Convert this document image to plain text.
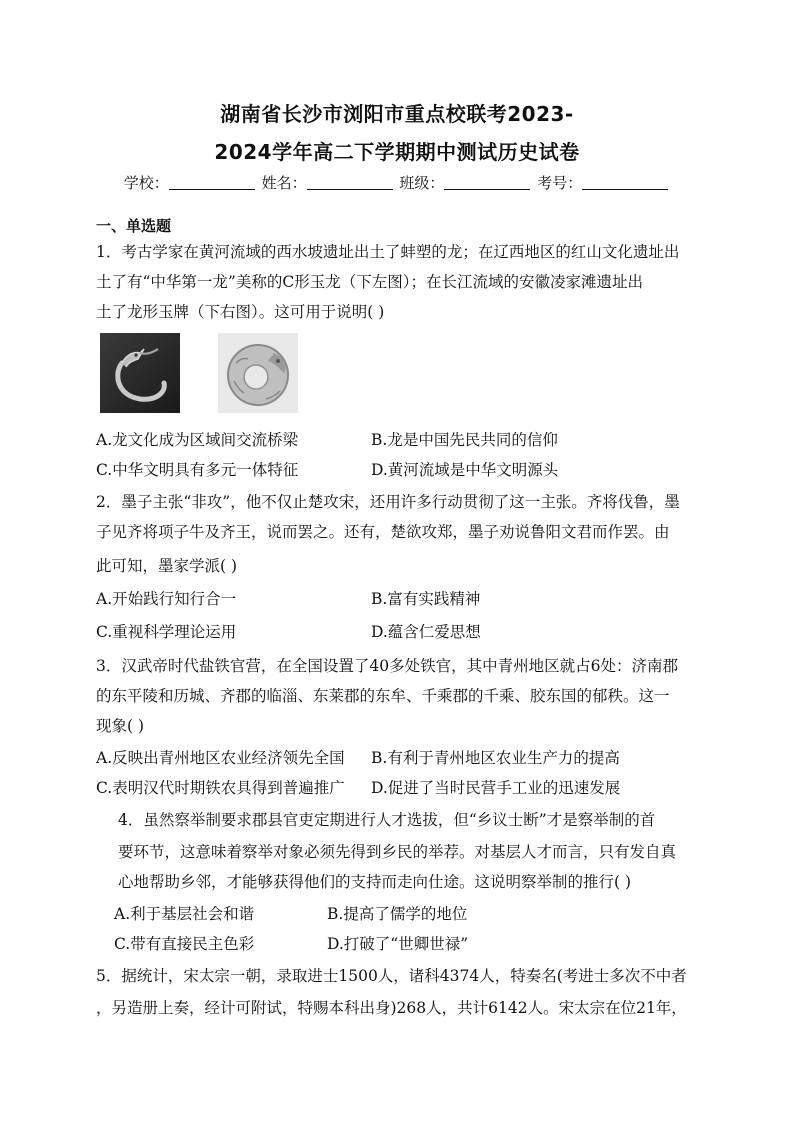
湖南省长沙市浏阳市重点校联考2023-
2024学年高二下学期期中测试历史试卷
学校：	姓名：	班级：	考号：
一、单选题
1．考古学家在黄河流域的西水坡遗址出土了蚌塑的龙；在辽西地区的红山文化遗址出
土了有“中华第一龙”美称的C形玉龙（下左图）；在长江流域的安徽凌家滩遗址出
土了龙形玉牌（下右图）。这可用于说明( )
A.龙文化成为区域间交流桥梁	B.龙是中国先民共同的信仰
C.中华文明具有多元一体特征	D.黄河流域是中华文明源头
2．墨子主张“非攻”，他不仅止楚攻宋，还用许多行动贯彻了这一主张。齐将伐鲁，墨
子见齐将项子牛及齐王，说而罢之。还有，楚欲攻郑，墨子劝说鲁阳文君而作罢。由
此可知，墨家学派( )
A.开始践行知行合一	B.富有实践精神
C.重视科学理论运用	D.蕴含仁爱思想
3．汉武帝时代盐铁官营，在全国设置了40多处铁官，其中青州地区就占6处：济南郡
的东平陵和历城、齐郡的临淄、东莱郡的东牟、千乘郡的千乘、胶东国的郁秩。这一
现象( )
A.反映出青州地区农业经济领先全国 B.有利于青州地区农业生产力的提高
C.表明汉代时期铁农具得到普遍推广 D.促进了当时民营手工业的迅速发展
4．虽然察举制要求郡县官吏定期进行人才选拔，但“乡议士断”才是察举制的首
要环节，这意味着察举对象必须先得到乡民的举荐。对基层人才而言，只有发自真
心地帮助乡邻，才能够获得他们的支持而走向仕途。这说明察举制的推行( )
A.利于基层社会和谐	B.提高了儒学的地位
C.带有直接民主色彩	D.打破了“世卿世禄”
5．据统计，宋太宗一朝，录取进士1500人，诸科4374人，特奏名(考进士多次不中者
，另造册上奏，经计可附试，特赐本科出身)268人，共计6142人。宋太宗在位21年，
